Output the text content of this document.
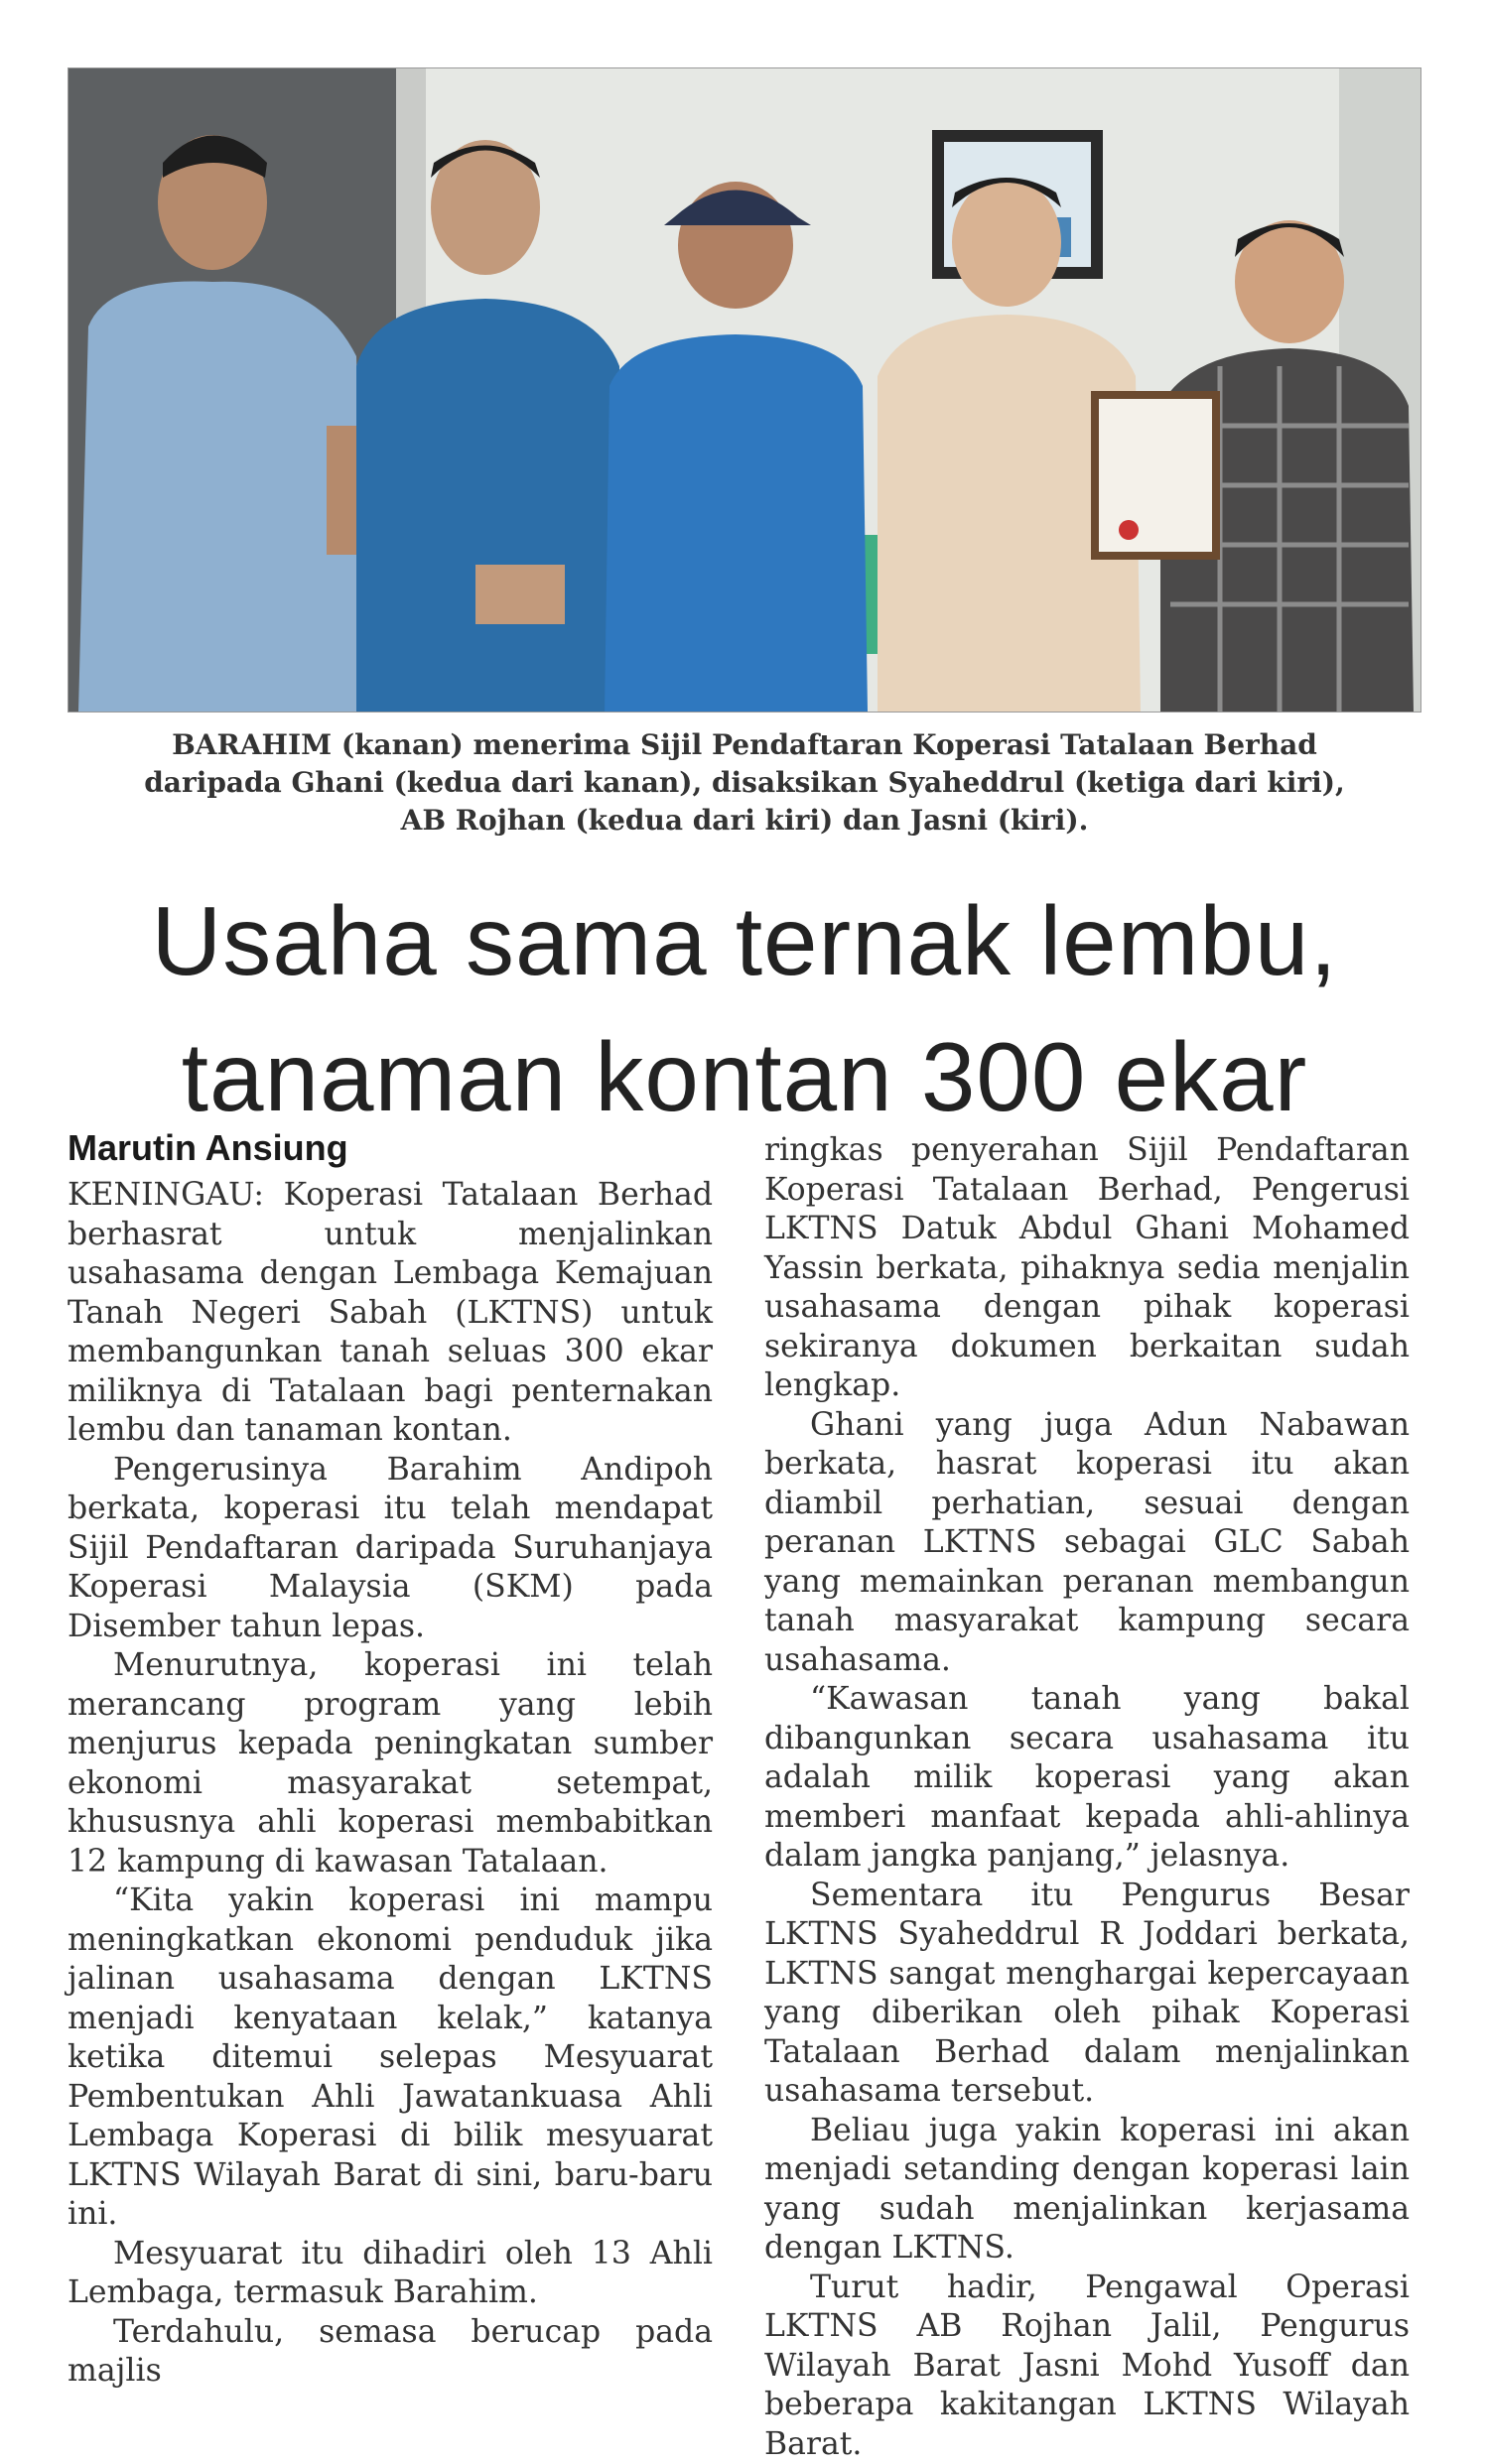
BARAHIM (kanan) menerima Sijil Pendaftaran Koperasi Tatalaan Berhad
daripada Ghani (kedua dari kanan), disaksikan Syaheddrul (ketiga dari kiri),
AB Rojhan (kedua dari kiri) dan Jasni (kiri).
Usaha sama ternak lembu,
tanaman kontan 300 ekar
Marutin Ansiung

KENINGAU: Koperasi Tatalaan Berhad berhasrat untuk menjalinkan usahasama dengan Lembaga Kemajuan Tanah Negeri Sabah (LKTNS) untuk membangunkan tanah seluas 300 ekar miliknya di Tatalaan bagi penternakan lembu dan tanaman kontan.

Pengerusinya Barahim Andipoh berkata, koperasi itu telah mendapat Sijil Pendaftaran daripada Suruhanjaya Koperasi Malaysia (SKM) pada Disember tahun lepas.

Menurutnya, koperasi ini telah merancang program yang lebih menjurus kepada peningkatan sumber ekonomi masyarakat setempat, khususnya ahli koperasi membabitkan 12 kampung di kawasan Tatalaan.

“Kita yakin koperasi ini mampu meningkatkan ekonomi penduduk jika jalinan usahasama dengan LKTNS menjadi kenyataan kelak,” katanya ketika ditemui selepas Mesyuarat Pembentukan Ahli Jawatankuasa Ahli Lembaga Koperasi di bilik mesyuarat LKTNS Wilayah Barat di sini, baru-baru ini.

Mesyuarat itu dihadiri oleh 13 Ahli Lembaga, termasuk Barahim.

Terdahulu, semasa berucap pada majlis

ringkas penyerahan Sijil Pendaftaran Koperasi Tatalaan Berhad, Pengerusi LKTNS Datuk Abdul Ghani Mohamed Yassin berkata, pihaknya sedia menjalin usahasama dengan pihak koperasi sekiranya dokumen berkaitan sudah lengkap.

Ghani yang juga Adun Nabawan berkata, hasrat koperasi itu akan diambil perhatian, sesuai dengan peranan LKTNS sebagai GLC Sabah yang memainkan peranan membangun tanah masyarakat kampung secara usahasama.

“Kawasan tanah yang bakal dibangunkan secara usahasama itu adalah milik koperasi yang akan memberi manfaat kepada ahli-ahlinya dalam jangka panjang,” jelasnya.

Sementara itu Pengurus Besar LKTNS Syaheddrul R Joddari berkata, LKTNS sangat menghargai kepercayaan yang diberikan oleh pihak Koperasi Tatalaan Berhad dalam menjalinkan usahasama tersebut.

Beliau juga yakin koperasi ini akan menjadi setanding dengan koperasi lain yang sudah menjalinkan kerjasama dengan LKTNS.

Turut hadir, Pengawal Operasi LKTNS AB Rojhan Jalil, Pengurus Wilayah Barat Jasni Mohd Yusoff dan beberapa kakitangan LKTNS Wilayah Barat.
